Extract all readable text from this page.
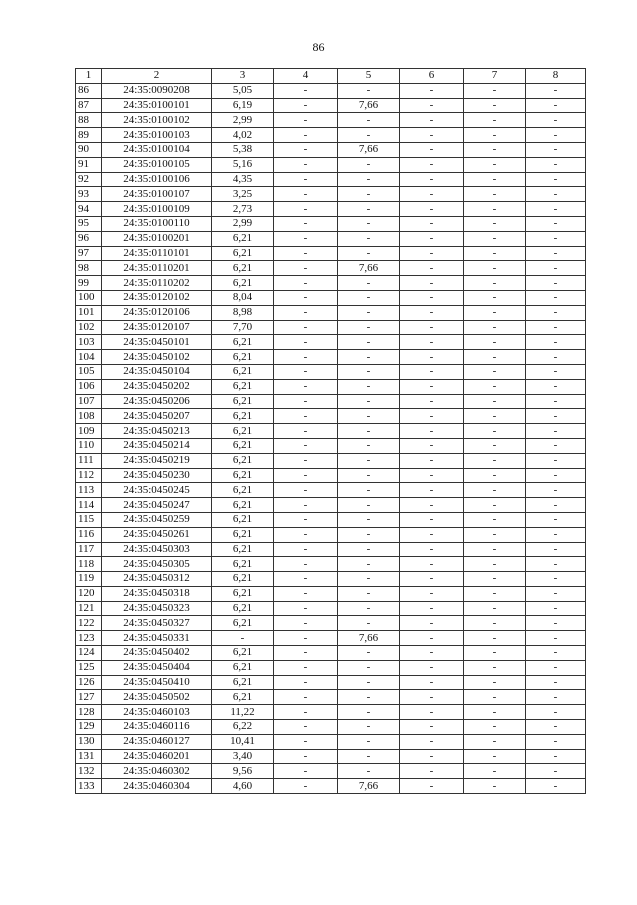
86
1	2	3	4	5	6	7	8
86	24:35:0090208	5,05	-	-	-	-	-
87	24:35:0100101	6,19	-	7,66	-	-	-
88	24:35:0100102	2,99	-	-	-	-	-
89	24:35:0100103	4,02	-	-	-	-	-
90	24:35:0100104	5,38	-	7,66	-	-	-
91	24:35:0100105	5,16	-	-	-	-	-
92	24:35:0100106	4,35	-	-	-	-	-
93	24:35:0100107	3,25	-	-	-	-	-
94	24:35:0100109	2,73	-	-	-	-	-
95	24:35:0100110	2,99	-	-	-	-	-
96	24:35:0100201	6,21	-	-	-	-	-
97	24:35:0110101	6,21	-	-	-	-	-
98	24:35:0110201	6,21	-	7,66	-	-	-
99	24:35:0110202	6,21	-	-	-	-	-
100	24:35:0120102	8,04	-	-	-	-	-
101	24:35:0120106	8,98	-	-	-	-	-
102	24:35:0120107	7,70	-	-	-	-	-
103	24:35:0450101	6,21	-	-	-	-	-
104	24:35:0450102	6,21	-	-	-	-	-
105	24:35:0450104	6,21	-	-	-	-	-
106	24:35:0450202	6,21	-	-	-	-	-
107	24:35:0450206	6,21	-	-	-	-	-
108	24:35:0450207	6,21	-	-	-	-	-
109	24:35:0450213	6,21	-	-	-	-	-
110	24:35:0450214	6,21	-	-	-	-	-
111	24:35:0450219	6,21	-	-	-	-	-
112	24:35:0450230	6,21	-	-	-	-	-
113	24:35:0450245	6,21	-	-	-	-	-
114	24:35:0450247	6,21	-	-	-	-	-
115	24:35:0450259	6,21	-	-	-	-	-
116	24:35:0450261	6,21	-	-	-	-	-
117	24:35:0450303	6,21	-	-	-	-	-
118	24:35:0450305	6,21	-	-	-	-	-
119	24:35:0450312	6,21	-	-	-	-	-
120	24:35:0450318	6,21	-	-	-	-	-
121	24:35:0450323	6,21	-	-	-	-	-
122	24:35:0450327	6,21	-	-	-	-	-
123	24:35:0450331	-	-	7,66	-	-	-
124	24:35:0450402	6,21	-	-	-	-	-
125	24:35:0450404	6,21	-	-	-	-	-
126	24:35:0450410	6,21	-	-	-	-	-
127	24:35:0450502	6,21	-	-	-	-	-
128	24:35:0460103	11,22	-	-	-	-	-
129	24:35:0460116	6,22	-	-	-	-	-
130	24:35:0460127	10,41	-	-	-	-	-
131	24:35:0460201	3,40	-	-	-	-	-
132	24:35:0460302	9,56	-	-	-	-	-
133	24:35:0460304	4,60	-	7,66	-	-	-
